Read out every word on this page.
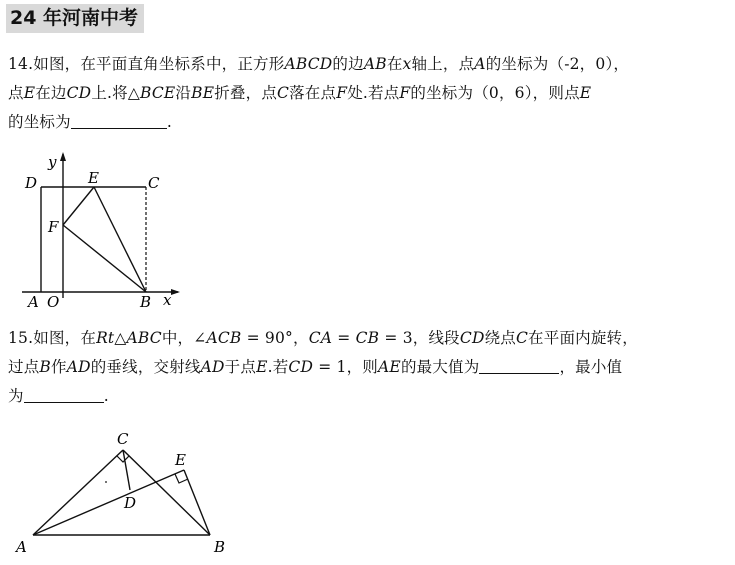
24 年河南中考
14.如图，在平面直角坐标系中，正方形ABCD的边AB在x轴上，点A的坐标为（-2，0），
点E在边CD上.将△BCE沿BE折叠，点C落在点F处.若点F的坐标为（0，6），则点E
的坐标为	.
y
D	E	C
F
A O	B x
15.如图，在Rt△ABC中，∠ACB = 90°，CA = CB = 3，线段CD绕点C在平面内旋转，
过点B作AD的垂线，交射线AD于点E.若CD = 1，则AE的最大值为	，最小值
为	.
C
E
D
A	B
